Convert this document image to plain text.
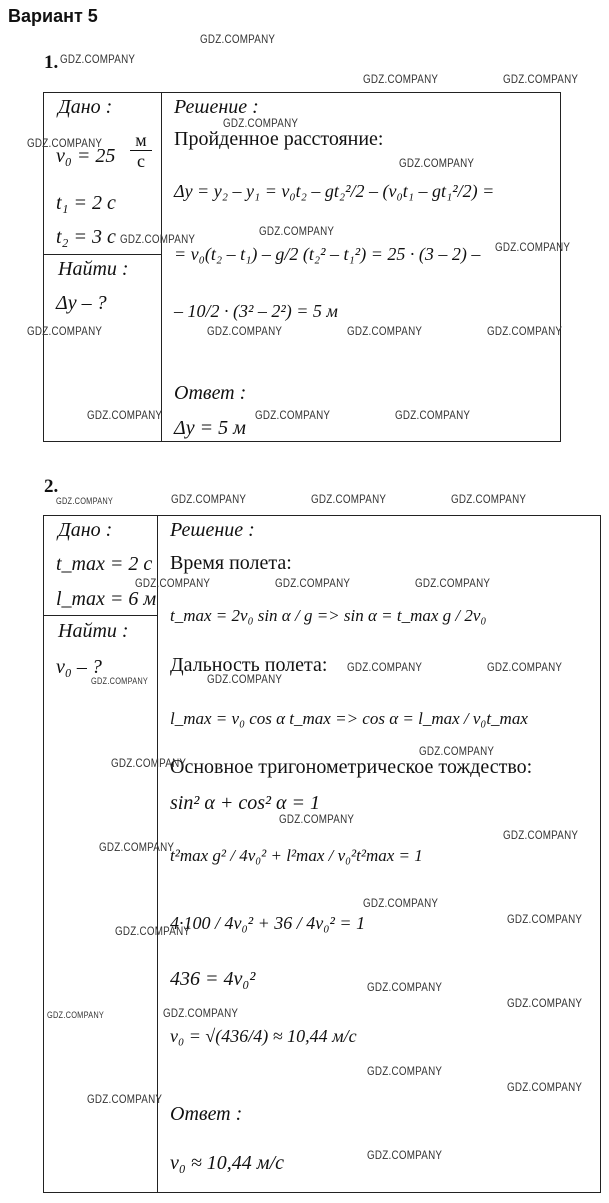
Вариант 5
1.
Дано :
v₀ = 25
м
с
t₁ = 2 с
t₂ = 3 с
Найти :
Δy – ?
Решение :
Пройденное расстояние:
Δy = y₂ – y₁ = v₀t₂ – gt₂²/2 – (v₀t₁ – gt₁²/2) =
= v₀(t₂ – t₁) – g/2 (t₂² – t₁²) = 25 · (3 – 2) –
– 10/2 · (3² – 2²) = 5 м
Ответ :
Δy = 5 м
2.
Дано :
t_max = 2 с
l_max = 6 м
Найти :
v₀ – ?
Решение :
Время полета:
t_max = 2v₀ sin α / g => sin α = t_max g / 2v₀
Дальность полета:
l_max = v₀ cos α t_max => cos α = l_max / v₀t_max
Основное тригонометрическое тождество:
sin² α + cos² α = 1
t²max g² / 4v₀² + l²max / v₀²t²max = 1
4·100 / 4v₀² + 36 / 4v₀² = 1
436 = 4v₀²
v₀ = √(436/4) ≈ 10,44 м/с
Ответ :
v₀ ≈ 10,44 м/с
GDZ.COMPANY
GDZ.COMPANY
GDZ.COMPANY	GDZ.COMPANY
GDZ.COMPANY
GDZ.COMPANY
GDZ.COMPANY
GDZ.COMPANY
GDZ.COMPANY
GDZ.COMPANY
GDZ.COMPANY	GDZ.COMPANY	GDZ.COMPANY	GDZ.COMPANY
GDZ.COMPANY	GDZ.COMPANY	GDZ.COMPANY
GDZ.COMPANY	GDZ.COMPANY	GDZ.COMPANY	GDZ.COMPANY
GDZ.COMPANY	GDZ.COMPANY	GDZ.COMPANY
GDZ.COMPANY	GDZ.COMPANY
GDZ.COMPANY
GDZ.COMPANY
GDZ.COMPANY
GDZ.COMPANY
GDZ.COMPANY
GDZ.COMPANY
GDZ.COMPANY
GDZ.COMPANY
GDZ.COMPANY
GDZ.COMPANY
GDZ.COMPANY
GDZ.COMPANY
GDZ.COMPANY
GDZ.COMPANY
GDZ.COMPANY
GDZ.COMPANY
GDZ.COMPANY
GDZ.COMPANY
